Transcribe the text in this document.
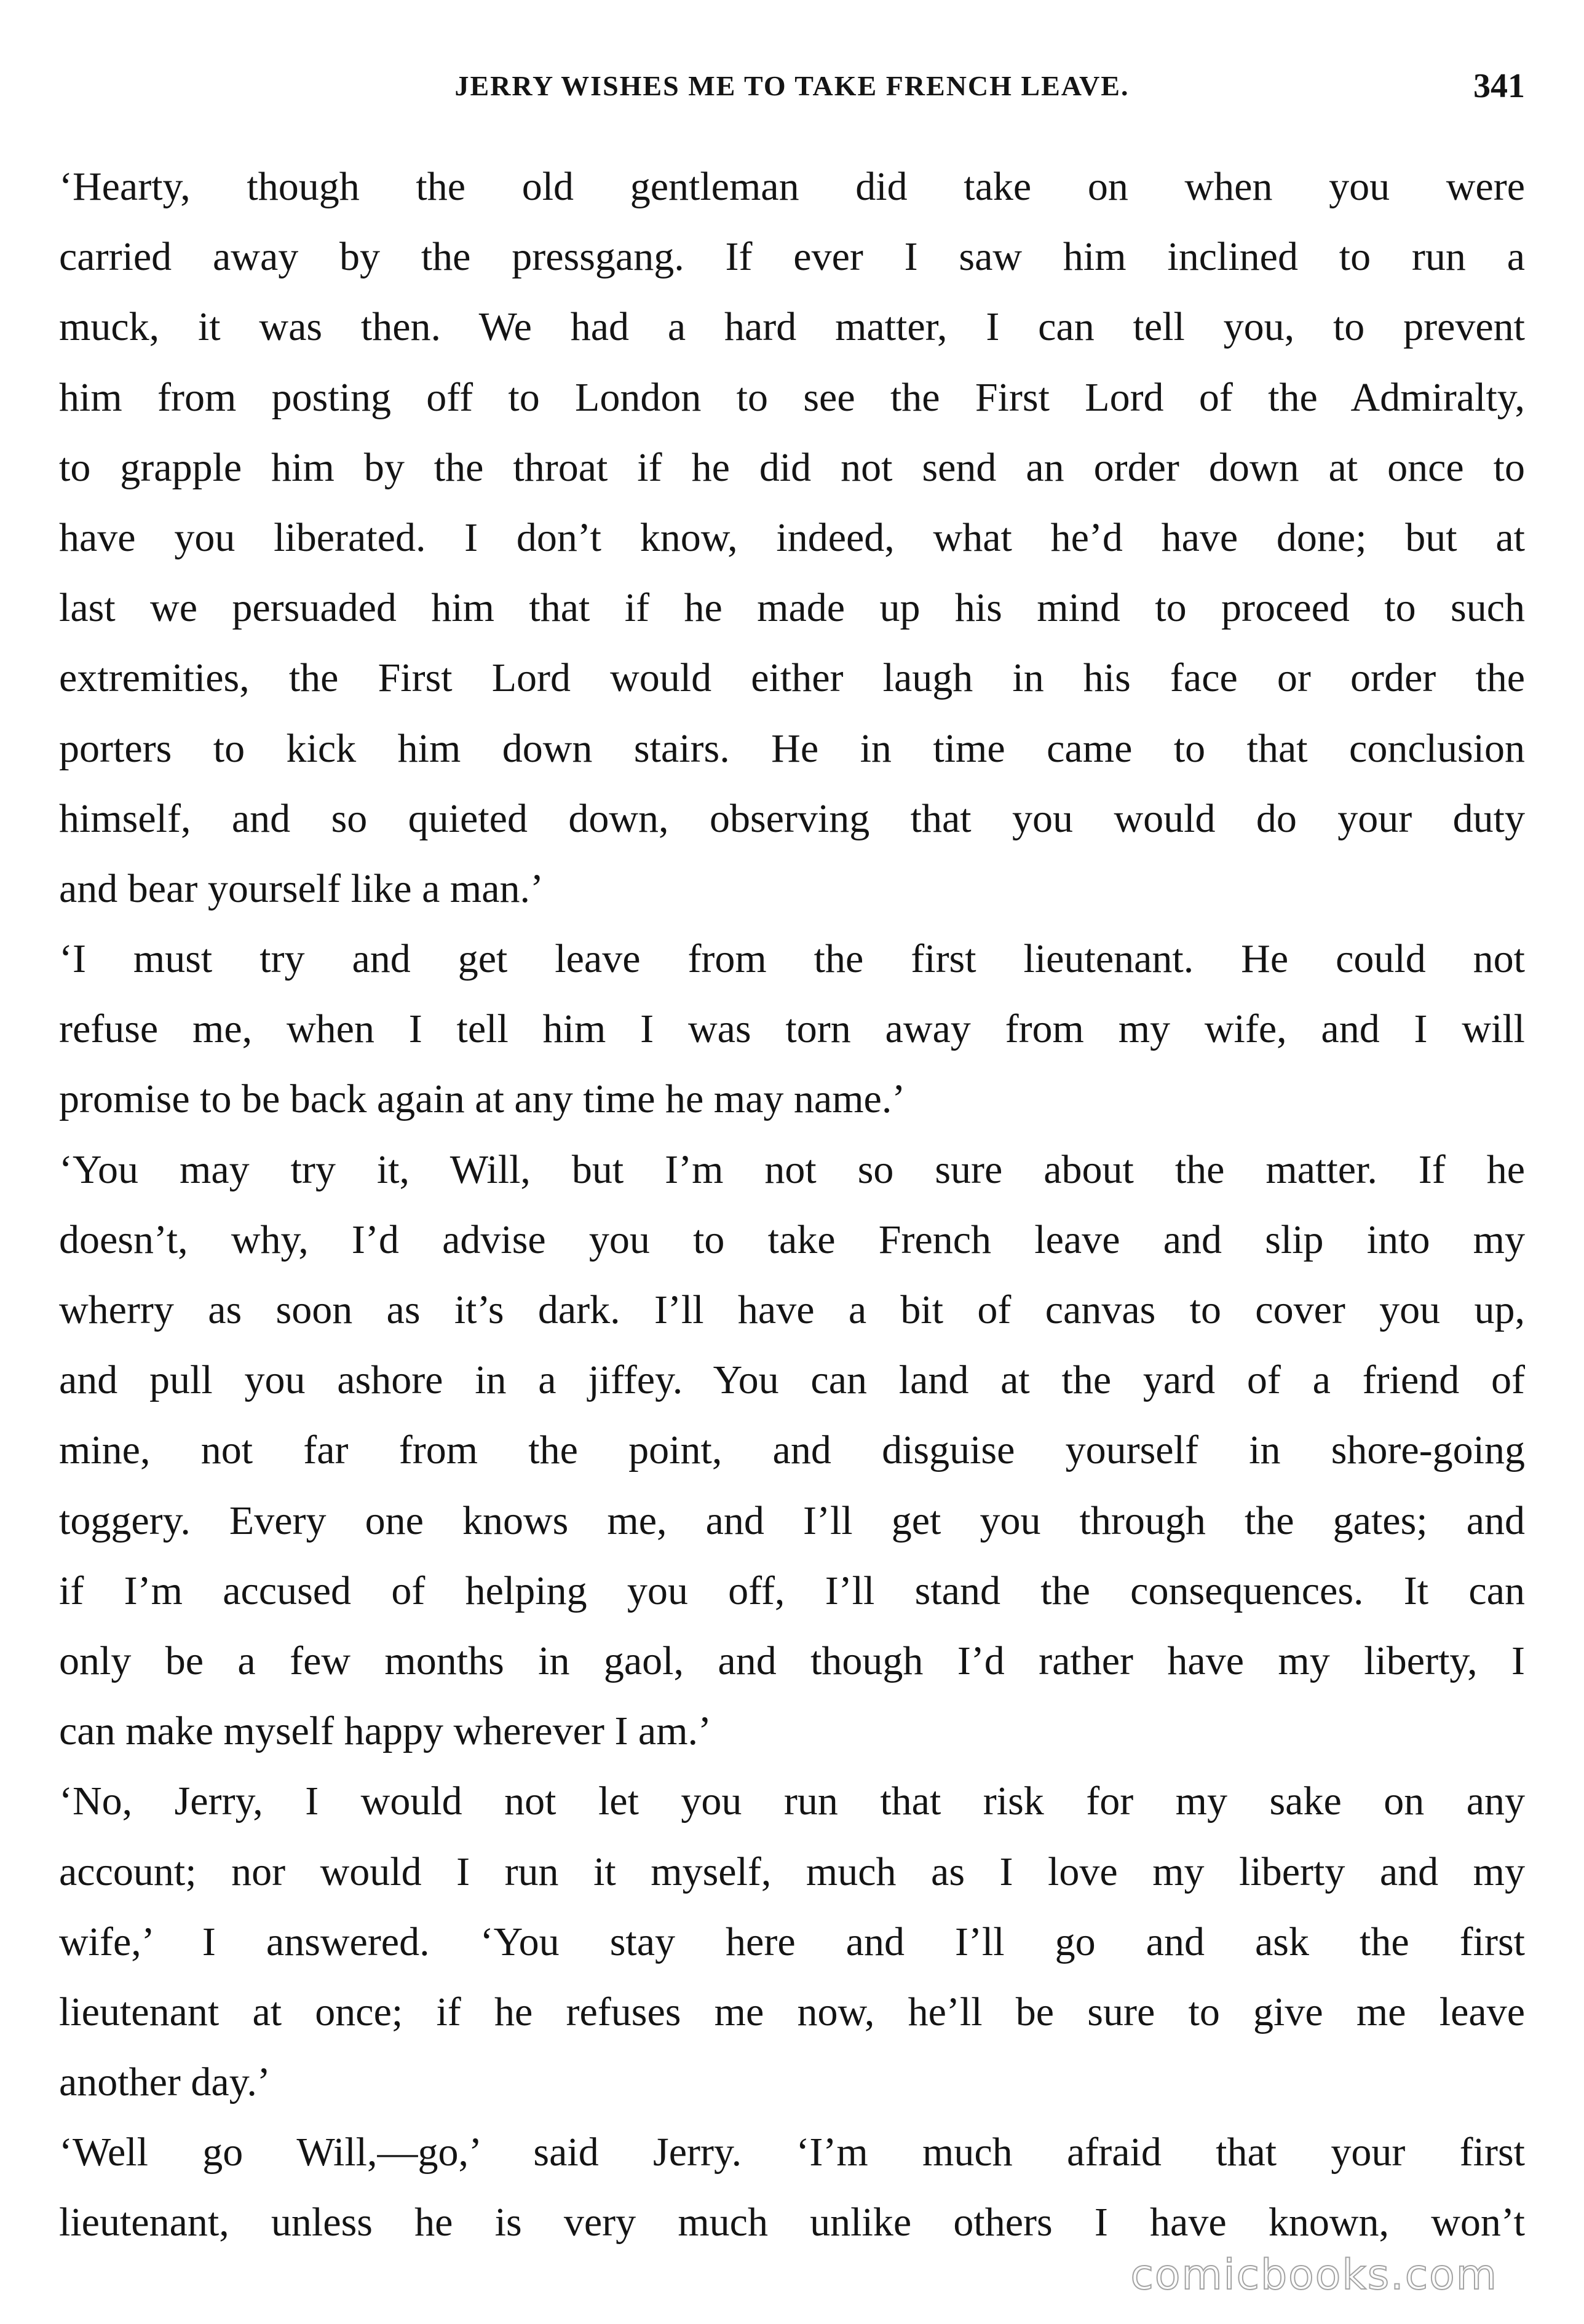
JERRY WISHES ME TO TAKE FRENCH LEAVE.	341
‘Hearty, though the old gentleman did take on when you were
carried away by the pressgang. If ever I saw him inclined to run a
muck, it was then. We had a hard matter, I can tell you, to prevent
him from posting off to London to see the First Lord of the Admiralty,
to grapple him by the throat if he did not send an order down at once to
have you liberated. I don’t know, indeed, what he’d have done; but at
last we persuaded him that if he made up his mind to proceed to such
extremities, the First Lord would either laugh in his face or order the
porters to kick him down stairs. He in time came to that conclusion
himself, and so quieted down, observing that you would do your duty
and bear yourself like a man.’
‘I must try and get leave from the first lieutenant. He could not
refuse me, when I tell him I was torn away from my wife, and I will
promise to be back again at any time he may name.’
‘You may try it, Will, but I’m not so sure about the matter. If he
doesn’t, why, I’d advise you to take French leave and slip into my
wherry as soon as it’s dark. I’ll have a bit of canvas to cover you up,
and pull you ashore in a jiffey. You can land at the yard of a friend of
mine, not far from the point, and disguise yourself in shore-going
toggery. Every one knows me, and I’ll get you through the gates; and
if I’m accused of helping you off, I’ll stand the consequences. It can
only be a few months in gaol, and though I’d rather have my liberty, I
can make myself happy wherever I am.’
‘No, Jerry, I would not let you run that risk for my sake on any
account; nor would I run it myself, much as I love my liberty and my
wife,’ I answered. ‘You stay here and I’ll go and ask the first
lieutenant at once; if he refuses me now, he’ll be sure to give me leave
another day.’
‘Well go Will,—go,’ said Jerry. ‘I’m much afraid that your first
lieutenant, unless he is very much unlike others I have known, won’t
comicbooks.com
